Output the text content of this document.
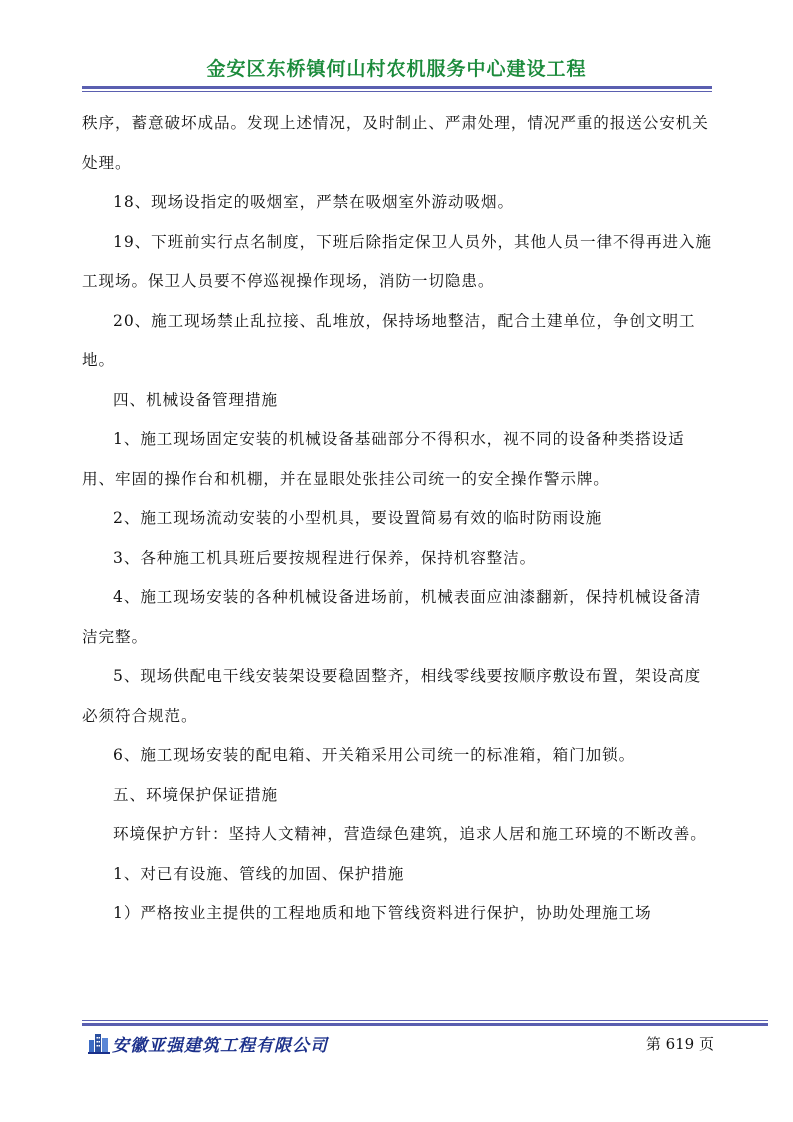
金安区东桥镇何山村农机服务中心建设工程

秩序，蓄意破坏成品。发现上述情况，及时制止、严肃处理，情况严重的报送公安机关处理。

18、现场设指定的吸烟室，严禁在吸烟室外游动吸烟。

19、下班前实行点名制度，下班后除指定保卫人员外，其他人员一律不得再进入施工现场。保卫人员要不停巡视操作现场，消防一切隐患。

20、施工现场禁止乱拉接、乱堆放，保持场地整洁，配合土建单位，争创文明工地。

四、机械设备管理措施

1、施工现场固定安装的机械设备基础部分不得积水，视不同的设备种类搭设适用、牢固的操作台和机棚，并在显眼处张挂公司统一的安全操作警示牌。

2、施工现场流动安装的小型机具，要设置简易有效的临时防雨设施

3、各种施工机具班后要按规程进行保养，保持机容整洁。

4、施工现场安装的各种机械设备进场前，机械表面应油漆翻新，保持机械设备清洁完整。

5、现场供配电干线安装架设要稳固整齐，相线零线要按顺序敷设布置，架设高度必须符合规范。

6、施工现场安装的配电箱、开关箱采用公司统一的标准箱，箱门加锁。

五、环境保护保证措施

环境保护方针：坚持人文精神，营造绿色建筑，追求人居和施工环境的不断改善。

1、对已有设施、管线的加固、保护措施

1）严格按业主提供的工程地质和地下管线资料进行保护，协助处理施工场

安徽亚强建筑工程有限公司	第 619 页
